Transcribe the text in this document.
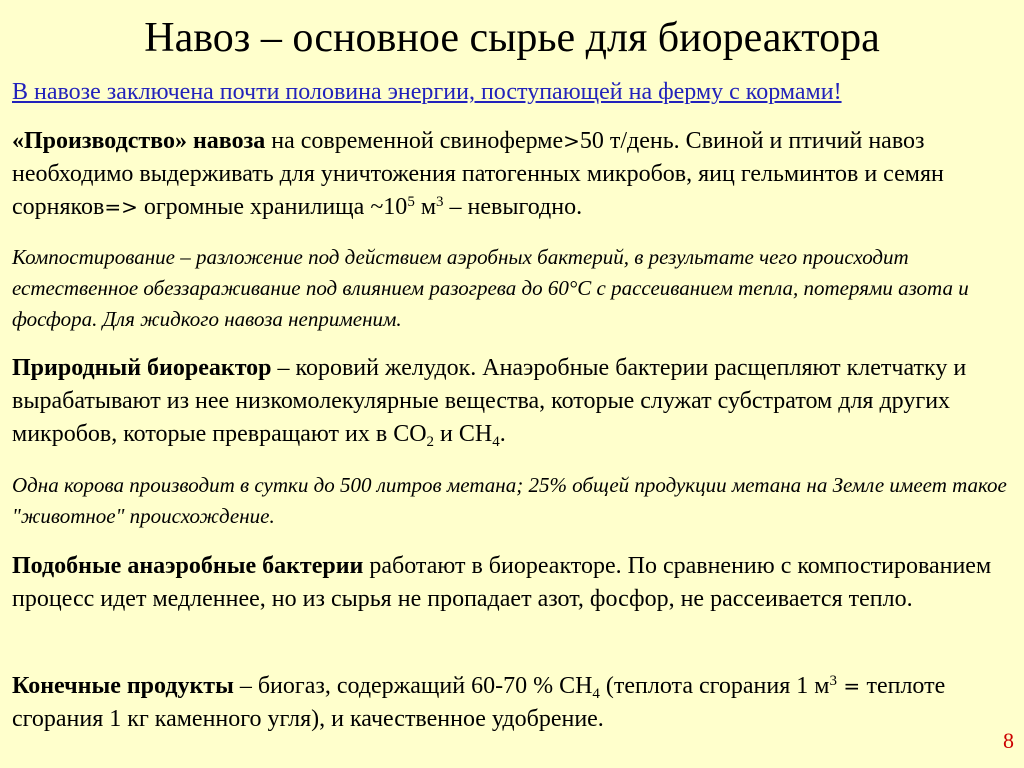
Навоз – основное сырье для биореактора

В навозе заключена почти половина энергии, поступающей на ферму с кормами!

«Производство» навоза на современной свиноферме>50 т/день. Свиной и птичий навоз необходимо выдерживать для уничтожения патогенных микробов, яиц гельминтов и семян сорняков=> огромные хранилища $\sim 10^5$ $м^3$ – невыгодно.

Компостирование – разложение под действием аэробных бактерий, в результате чего происходит естественное обеззараживание под влиянием разогрева до 60°С с рассеиванием тепла, потерями азота и фосфора. Для жидкого навоза неприменим.

Природный биореактор – коровий желудок. Анаэробные бактерии расщепляют клетчатку и вырабатывают из нее низкомолекулярные вещества, которые служат субстратом для других микробов, которые превращают их в $СО_2$ и $СН_4$.

Одна корова производит в сутки до 500 литров метана; 25% общей продукции метана на Земле имеет такое "животное" происхождение.

Подобные анаэробные бактерии работают в биореакторе. По сравнению с компостированием процесс идет медленнее, но из сырья не пропадает азот, фосфор, не рассеивается тепло.

Конечные продукты – биогаз, содержащий 60-70 % $СН_4$ (теплота сгорания 1 $м^3$ = теплоте сгорания 1 кг каменного угля), и качественное удобрение.

8
